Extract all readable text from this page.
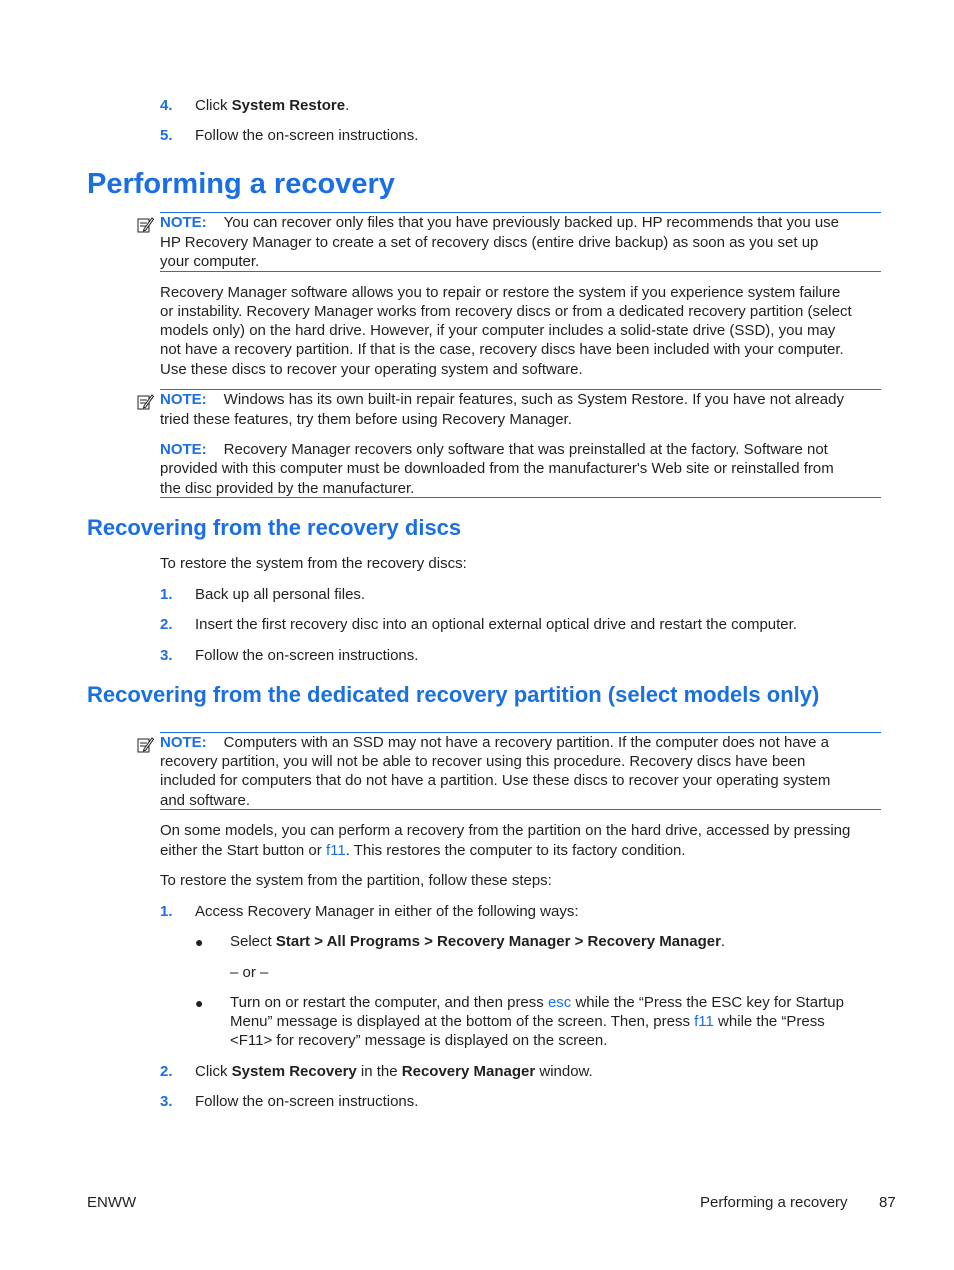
4. Click System Restore.
5. Follow the on-screen instructions.
Performing a recovery
NOTE: You can recover only files that you have previously backed up. HP recommends that you use
HP Recovery Manager to create a set of recovery discs (entire drive backup) as soon as you set up
your computer.
Recovery Manager software allows you to repair or restore the system if you experience system failure
or instability. Recovery Manager works from recovery discs or from a dedicated recovery partition (select
models only) on the hard drive. However, if your computer includes a solid-state drive (SSD), you may
not have a recovery partition. If that is the case, recovery discs have been included with your computer.
Use these discs to recover your operating system and software.
NOTE: Windows has its own built-in repair features, such as System Restore. If you have not already
tried these features, try them before using Recovery Manager.
NOTE: Recovery Manager recovers only software that was preinstalled at the factory. Software not
provided with this computer must be downloaded from the manufacturer's Web site or reinstalled from
the disc provided by the manufacturer.
Recovering from the recovery discs
To restore the system from the recovery discs:
1. Back up all personal files.
2. Insert the first recovery disc into an optional external optical drive and restart the computer.
3. Follow the on-screen instructions.
Recovering from the dedicated recovery partition (select models only)
NOTE: Computers with an SSD may not have a recovery partition. If the computer does not have a
recovery partition, you will not be able to recover using this procedure. Recovery discs have been
included for computers that do not have a partition. Use these discs to recover your operating system
and software.
On some models, you can perform a recovery from the partition on the hard drive, accessed by pressing
either the Start button or f11. This restores the computer to its factory condition.
To restore the system from the partition, follow these steps:
1. Access Recovery Manager in either of the following ways:
● Select Start > All Programs > Recovery Manager > Recovery Manager.
– or –
● Turn on or restart the computer, and then press esc while the “Press the ESC key for Startup
Menu” message is displayed at the bottom of the screen. Then, press f11 while the “Press
<F11> for recovery” message is displayed on the screen.
2. Click System Recovery in the Recovery Manager window.
3. Follow the on-screen instructions.
ENWW	Performing a recovery 87
